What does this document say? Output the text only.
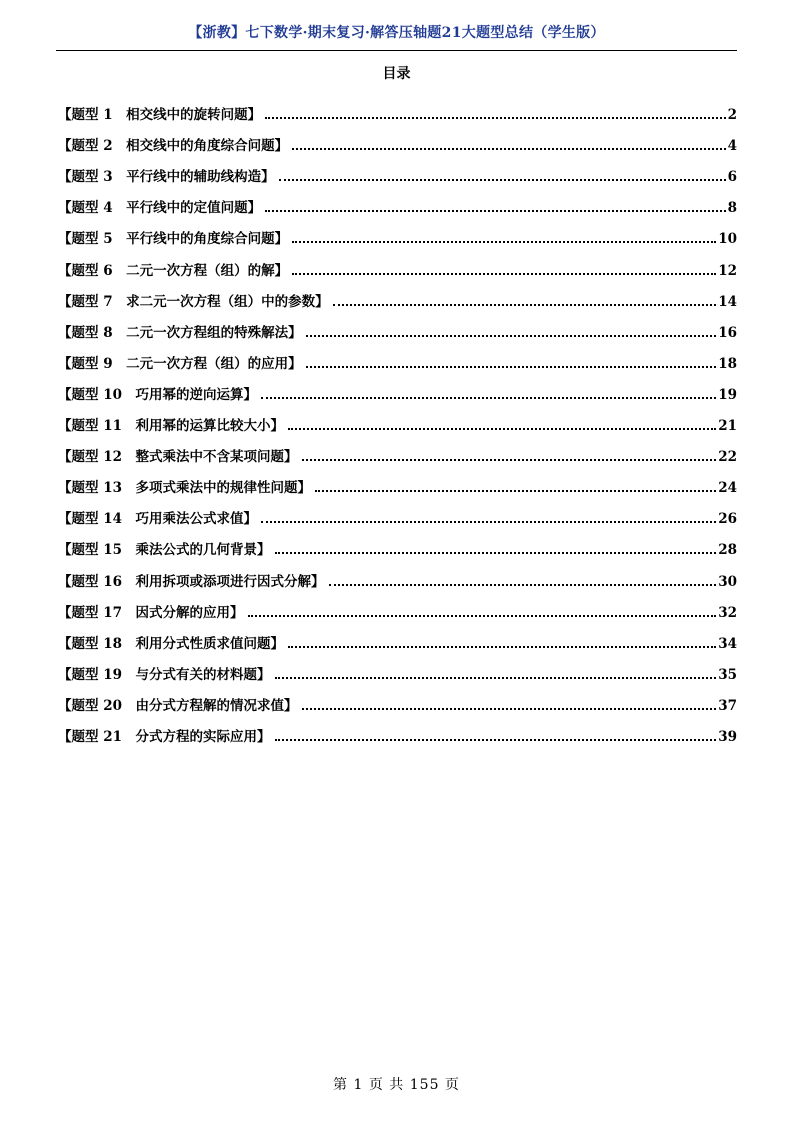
【浙教】七下数学·期末复习·解答压轴题21大题型总结（学生版）
目录
【题型 1　相交线中的旋转问题】	2
【题型 2　相交线中的角度综合问题】	4
【题型 3　平行线中的辅助线构造】	6
【题型 4　平行线中的定值问题】	8
【题型 5　平行线中的角度综合问题】	10
【题型 6　二元一次方程（组）的解】	12
【题型 7　求二元一次方程（组）中的参数】	14
【题型 8　二元一次方程组的特殊解法】	16
【题型 9　二元一次方程（组）的应用】	18
【题型 10　巧用幂的逆向运算】	19
【题型 11　利用幂的运算比较大小】	21
【题型 12　整式乘法中不含某项问题】	22
【题型 13　多项式乘法中的规律性问题】	24
【题型 14　巧用乘法公式求值】	26
【题型 15　乘法公式的几何背景】	28
【题型 16　利用拆项或添项进行因式分解】	30
【题型 17　因式分解的应用】	32
【题型 18　利用分式性质求值问题】	34
【题型 19　与分式有关的材料题】	35
【题型 20　由分式方程解的情况求值】	37
【题型 21　分式方程的实际应用】	39
第 1 页 共 155 页
